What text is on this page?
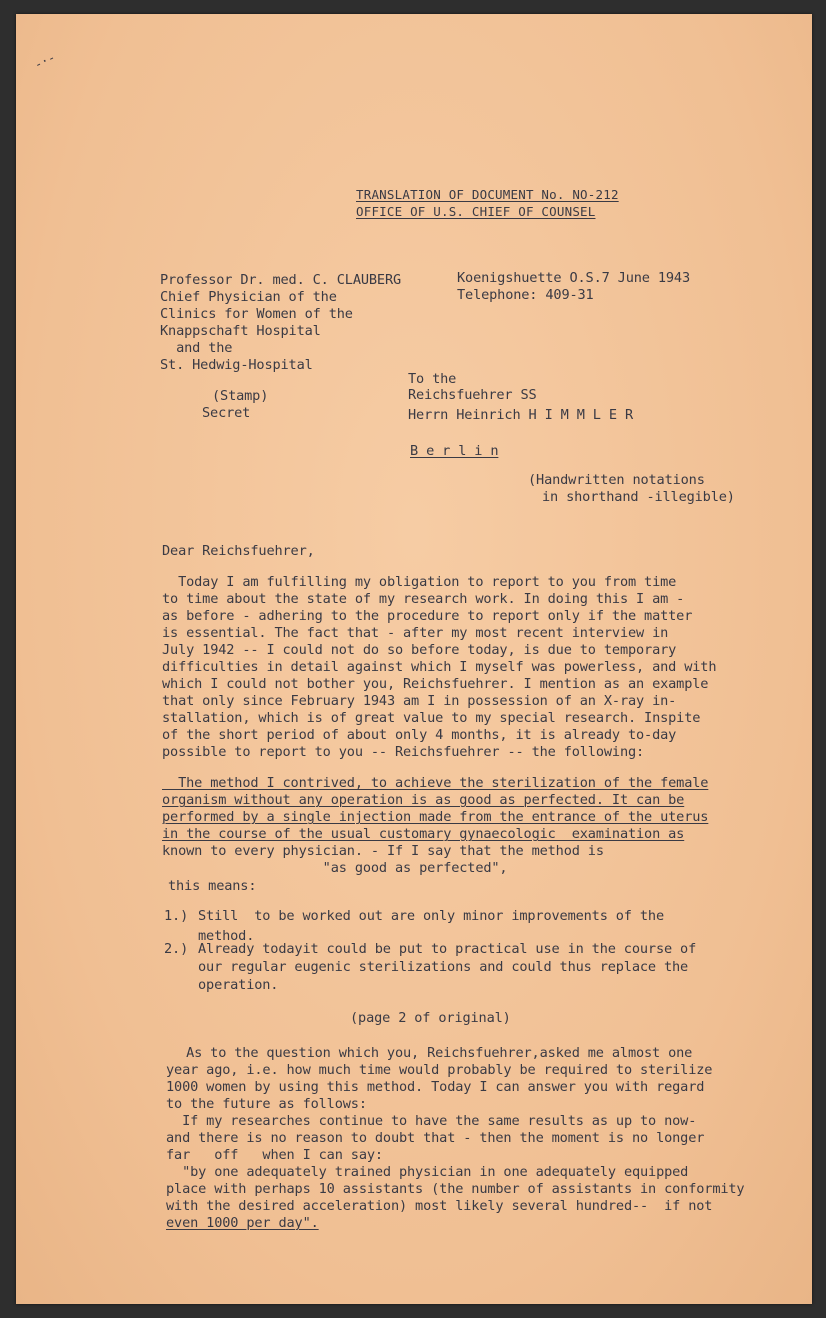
-·-
TRANSLATION OF DOCUMENT No. NO-212
OFFICE OF U.S. CHIEF OF COUNSEL
Professor Dr. med. C. CLAUBERG
Chief Physician of the
Clinics for Women of the
Knappschaft Hospital
and the
St. Hedwig-Hospital
(Stamp)
Secret
Koenigshuette O.S.7 June 1943
Telephone: 409-31
To the
Reichsfuehrer SS
Herrn Heinrich H I M M L E R
B e r l i n
(Handwritten notations
in shorthand -illegible)
Dear Reichsfuehrer,
Today I am fulfilling my obligation to report to you from time
to time about the state of my research work. In doing this I am -
as before - adhering to the procedure to report only if the matter
is essential. The fact that - after my most recent interview in
July 1942 -- I could not do so before today, is due to temporary
difficulties in detail against which I myself was powerless, and with
which I could not bother you, Reichsfuehrer. I mention as an example
that only since February 1943 am I in possession of an X-ray in-
stallation, which is of great value to my special research. Inspite
of the short period of about only 4 months, it is already to-day
possible to report to you -- Reichsfuehrer -- the following:
The method I contrived, to achieve the sterilization of the female
organism without any operation is as good as perfected. It can be
performed by a single injection made from the entrance of the uterus
in the course of the usual customary gynaecologic  examination as
known to every physician. - If I say that the method is
"as good as perfected",
this means:
1.) Still  to be worked out are only minor improvements of the
method.
2.) Already todayit could be put to practical use in the course of
our regular eugenic sterilizations and could thus replace the
operation.
(page 2 of original)
As to the question which you, Reichsfuehrer,asked me almost one
year ago, i.e. how much time would probably be required to sterilize
1000 women by using this method. Today I can answer you with regard
to the future as follows:
If my researches continue to have the same results as up to now-
and there is no reason to doubt that - then the moment is no longer
far   off   when I can say:
"by one adequately trained physician in one adequately equipped
place with perhaps 10 assistants (the number of assistants in conformity
with the desired acceleration) most likely several hundred--  if not
even 1000 per day".
